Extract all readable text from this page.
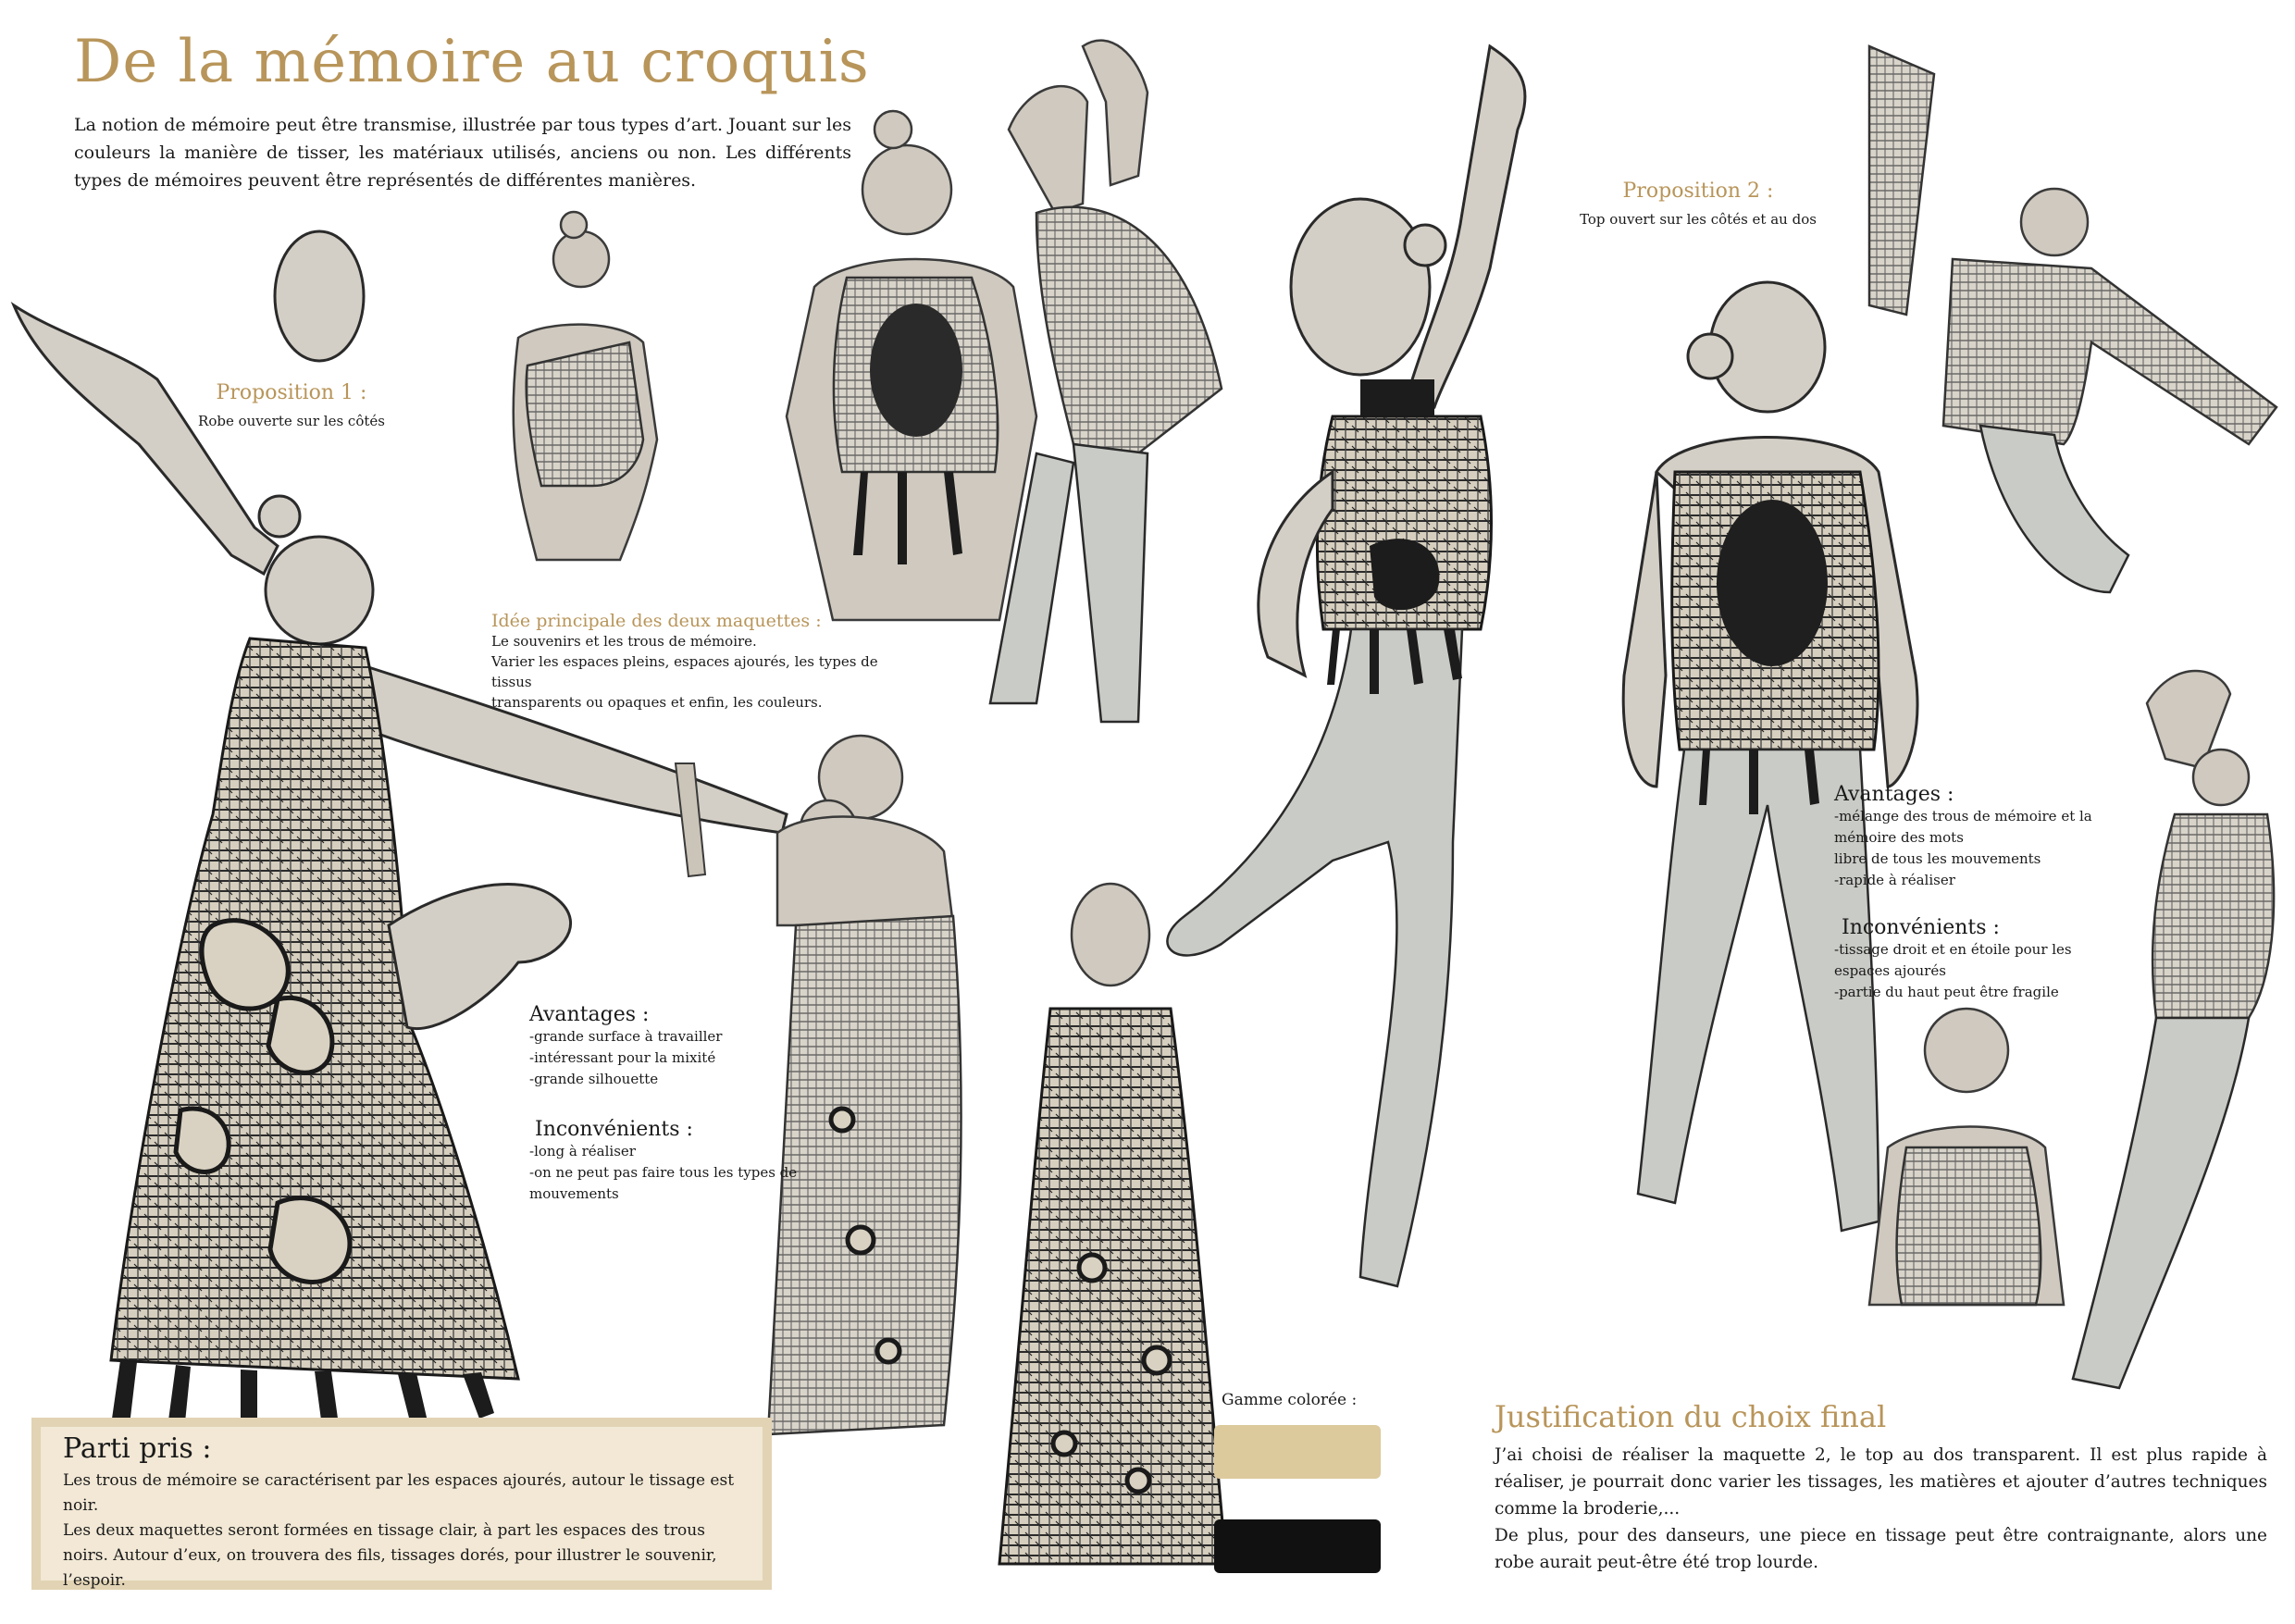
De la mémoire au croquis
La notion de mémoire peut être transmise, illustrée par tous types d’art. Jouant sur les couleurs la manière de tisser, les matériaux utilisés, anciens ou non. Les différents types de mémoires peuvent être représentés de différentes manières.
Proposition 1 :
Robe ouverte sur les côtés
Idée principale des deux maquettes :
Le souvenirs et les trous de mémoire.
Varier les espaces pleins, espaces ajourés, les types de tissus
transparents ou opaques et enfin, les couleurs.
Avantages :
-grande surface à travailler
-intéressant pour la mixité
-grande silhouette
Inconvénients :
-long à réaliser
-on ne peut pas faire tous les types de
mouvements
Proposition 2 :
Top ouvert sur les côtés et au dos
Avantages :
-mélange des trous de mémoire et la
mémoire des mots
libre de tous les mouvements
-rapide à réaliser
Inconvénients :
-tissage droit et en étoile pour les
espaces ajourés
-partie du haut peut être fragile
Parti pris :

Les trous de mémoire se caractérisent par les espaces ajourés, autour le tissage est noir.

Les deux maquettes seront formées en tissage clair, à part les espaces des trous noirs. Autour d’eux, on trouvera des fils, tissages dorés, pour illustrer le souvenir, l’espoir.

Gamme colorée :	Justification du choix final
J’ai choisi de réaliser la maquette 2, le top au dos transparent. Il est plus rapide à réaliser, je pourrait donc varier les tissages, les matières et ajouter d’autres techniques comme la broderie,...
De plus, pour des danseurs, une piece en tissage peut être contraignante, alors une robe aurait peut-être été trop lourde.
